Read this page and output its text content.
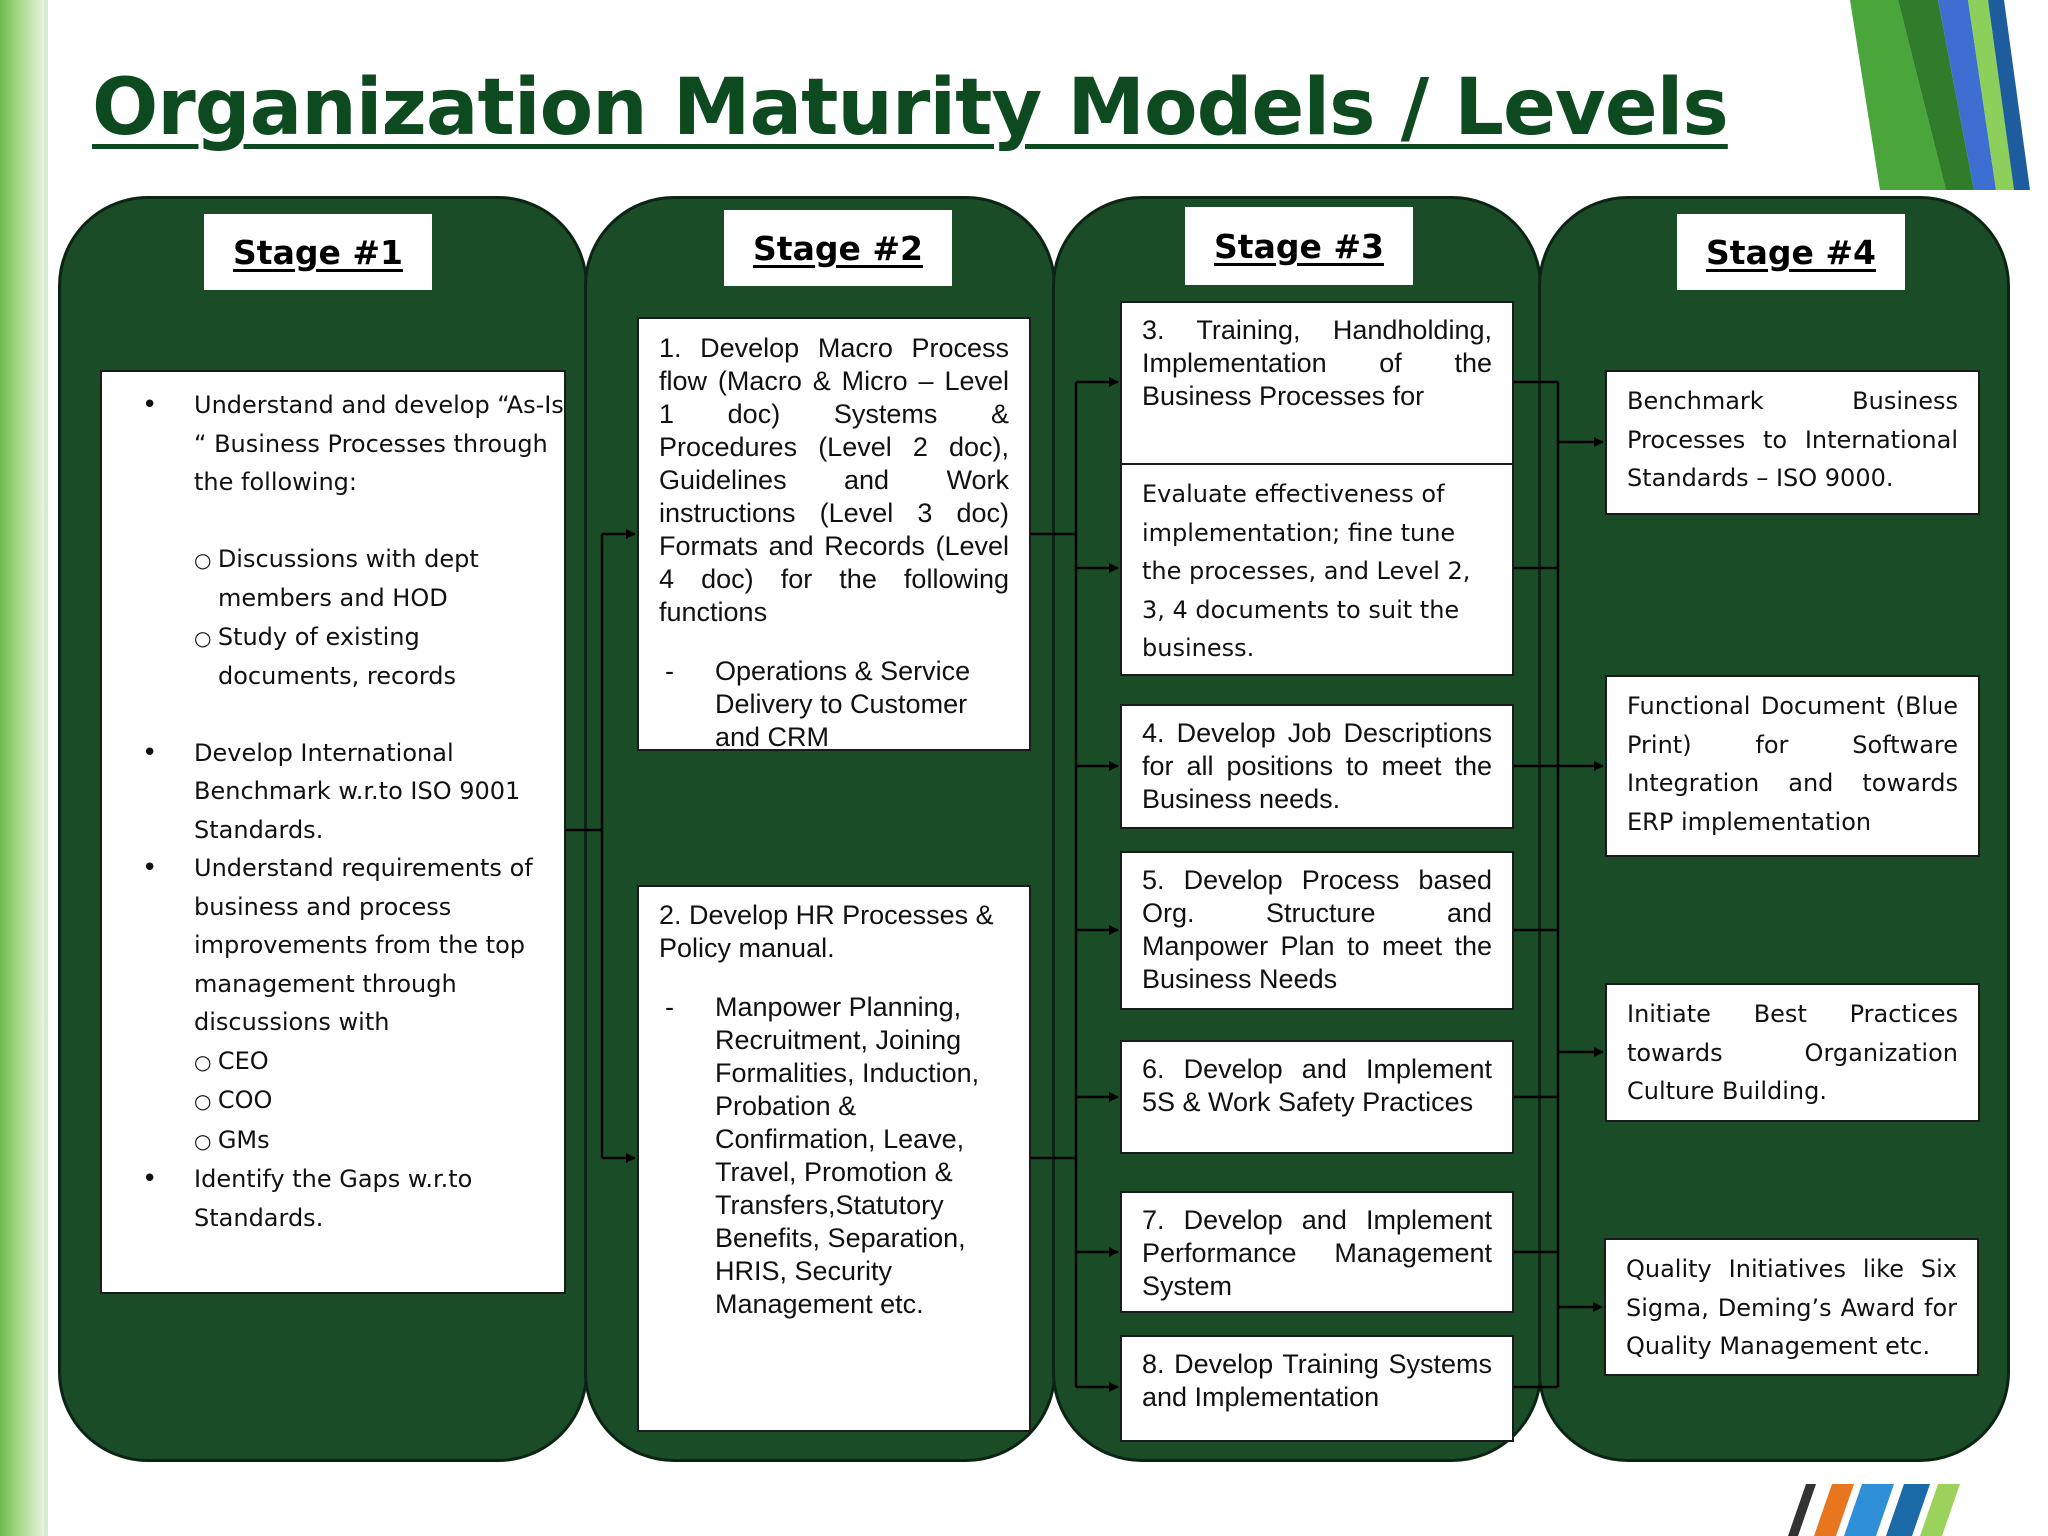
Organization Maturity Models / Levels
Stage #1	Stage #2	Stage #3	Stage #4
• Understand and develop “As-Is “ Business Processes through the following:
○ Discussions with dept members and HOD
○ Study of existing documents, records
• Develop International Benchmark w.r.to ISO 9001 Standards.
• Understand requirements of business and process improvements from the top management through discussions with
○ CEO
○ COO
○ GMs
• Identify the Gaps w.r.to Standards.
1. Develop Macro Process flow (Macro & Micro – Level 1 doc) Systems & Procedures (Level 2 doc), Guidelines and Work instructions (Level 3 doc) Formats and Records (Level 4 doc) for the following functions
- Operations & Service Delivery to Customer and CRM
2. Develop HR Processes & Policy manual.
- Manpower Planning, Recruitment, Joining Formalities, Induction, Probation & Confirmation, Leave, Travel, Promotion & Transfers,Statutory Benefits, Separation, HRIS, Security Management etc.
3. Training, Handholding, Implementation of the Business Processes for
Evaluate effectiveness of implementation; fine tune the processes, and Level 2, 3, 4 documents to suit the business.
4. Develop Job Descriptions for all positions to meet the Business needs.
5. Develop Process based Org. Structure and Manpower Plan to meet the Business Needs
6. Develop and Implement 5S & Work Safety Practices
7. Develop and Implement Performance Management System
8. Develop Training Systems and Implementation
Benchmark Business Processes to International Standards – ISO 9000.
Functional Document (Blue Print) for Software Integration and towards ERP implementation
Initiate Best Practices towards Organization Culture Building.
Quality Initiatives like Six Sigma, Deming’s Award for Quality Management etc.
